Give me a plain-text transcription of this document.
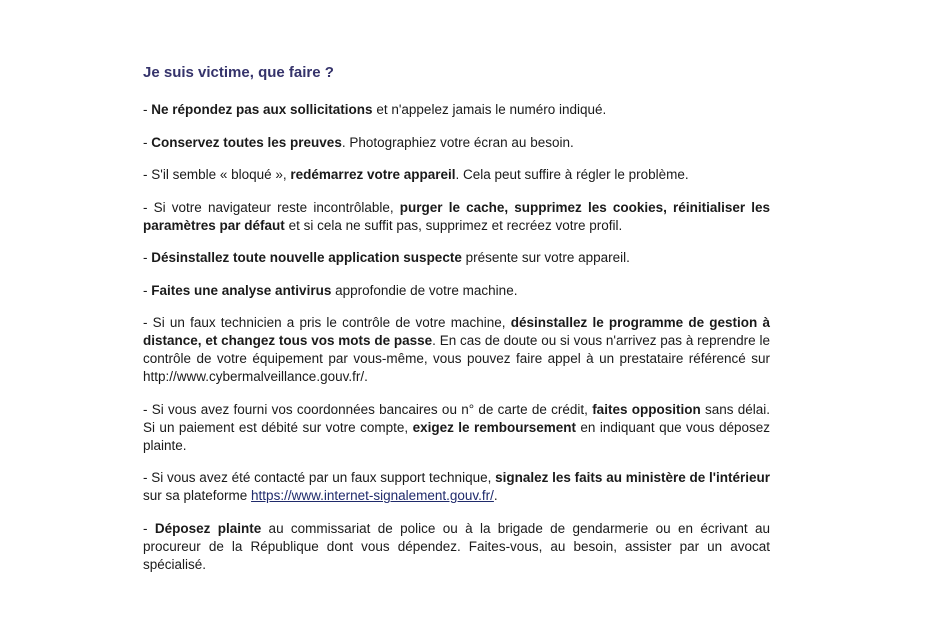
Je suis victime, que faire ?

- Ne répondez pas aux sollicitations et n'appelez jamais le numéro indiqué.

- Conservez toutes les preuves. Photographiez votre écran au besoin.

- S'il semble « bloqué », redémarrez votre appareil. Cela peut suffire à régler le problème.

- Si votre navigateur reste incontrôlable, purger le cache, supprimez les cookies, réinitialiser les paramètres par défaut et si cela ne suffit pas, supprimez et recréez votre profil.

- Désinstallez toute nouvelle application suspecte présente sur votre appareil.

- Faites une analyse antivirus approfondie de votre machine.

- Si un faux technicien a pris le contrôle de votre machine, désinstallez le programme de gestion à distance, et changez tous vos mots de passe. En cas de doute ou si vous n'arrivez pas à reprendre le contrôle de votre équipement par vous-même, vous pouvez faire appel à un prestataire référencé sur http://www.cybermalveillance.gouv.fr/.

- Si vous avez fourni vos coordonnées bancaires ou n° de carte de crédit, faites opposition sans délai. Si un paiement est débité sur votre compte, exigez le remboursement en indiquant que vous déposez plainte.

- Si vous avez été contacté par un faux support technique, signalez les faits au ministère de l'intérieur sur sa plateforme https://www.internet-signalement.gouv.fr/.

- Déposez plainte au commissariat de police ou à la brigade de gendarmerie ou en écrivant au procureur de la République dont vous dépendez. Faites-vous, au besoin, assister par un avocat spécialisé.
